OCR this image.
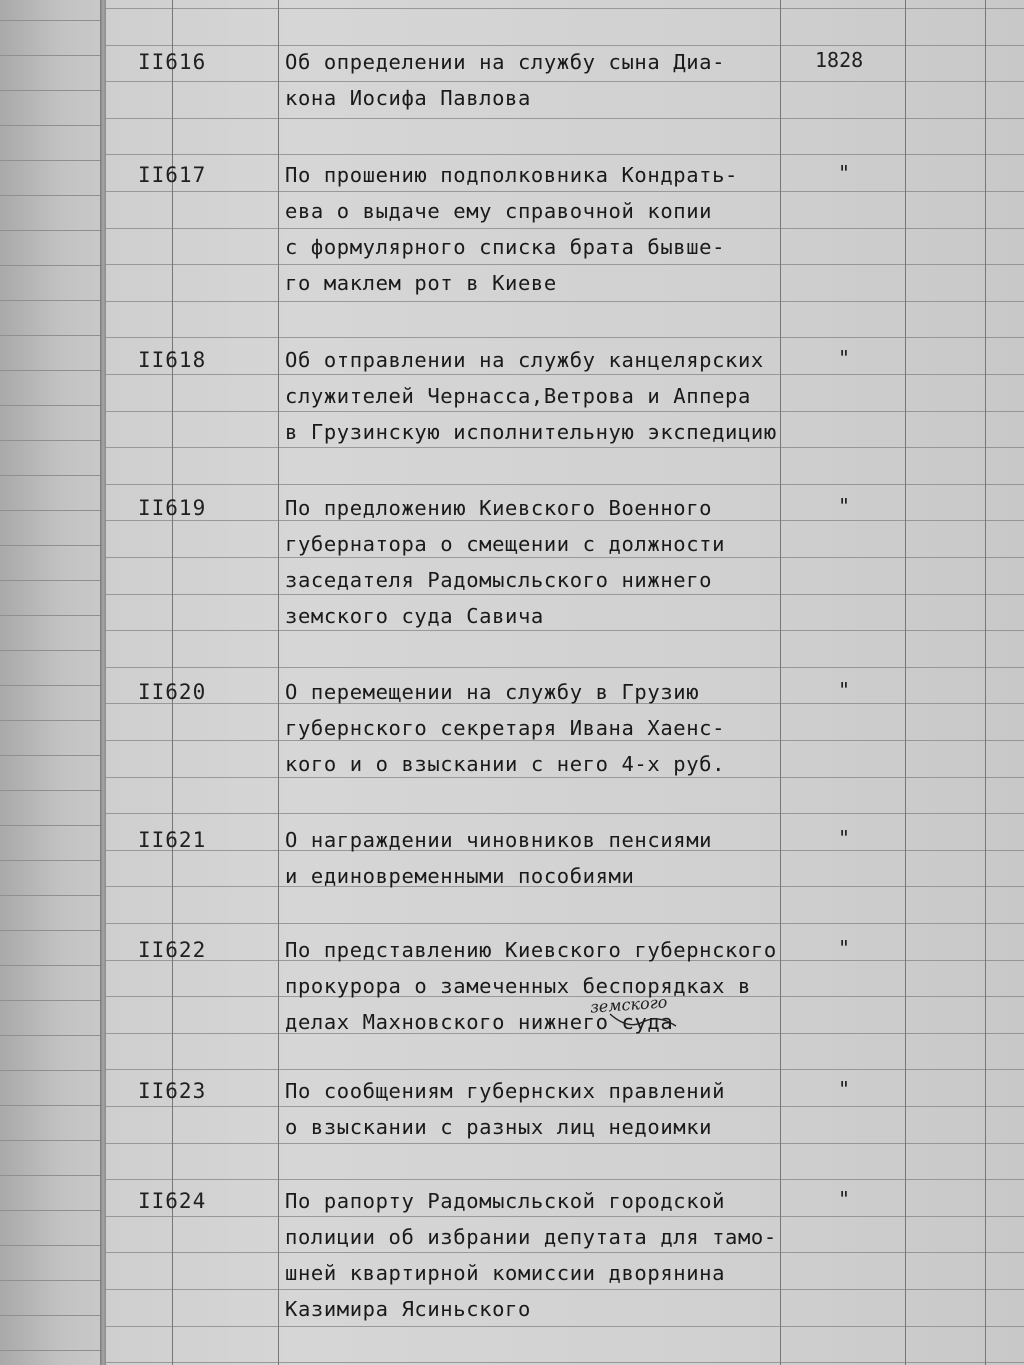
II616	Об определении на службу сына Диа-
кона Иосифа Павлова
1828
II617	По прошению подполковника Кондрать-
ева о выдаче ему справочной копии
с формулярного списка брата бывше-
го маклем рот в Киеве
"
II618	Об отправлении на службу канцелярских
служителей Чернасса,Ветрова и Аппера
в Грузинскую исполнительную экспедицию
"
II619	По предложению Киевского Военного
губернатора о смещении с должности
заседателя Радомысльского нижнего
земского суда Савича
"
II620	О перемещении на службу в Грузию
губернского секретаря Ивана Хаенс-
кого и о взыскании с него 4-х руб.
"
II621	О награждении чиновников пенсиями
и единовременными пособиями
"
II622	По представлению Киевского губернского
прокурора о замеченных беспорядках в
делах Махновского нижнего суда
"
II623	По сообщениям губернских правлений
о взыскании с разных лиц недоимки
"
II624	По рапорту Радомысльской городской
полиции об избрании депутата для тамо-
шней квартирной комиссии дворянина
Казимира Ясиньского
"
земского
